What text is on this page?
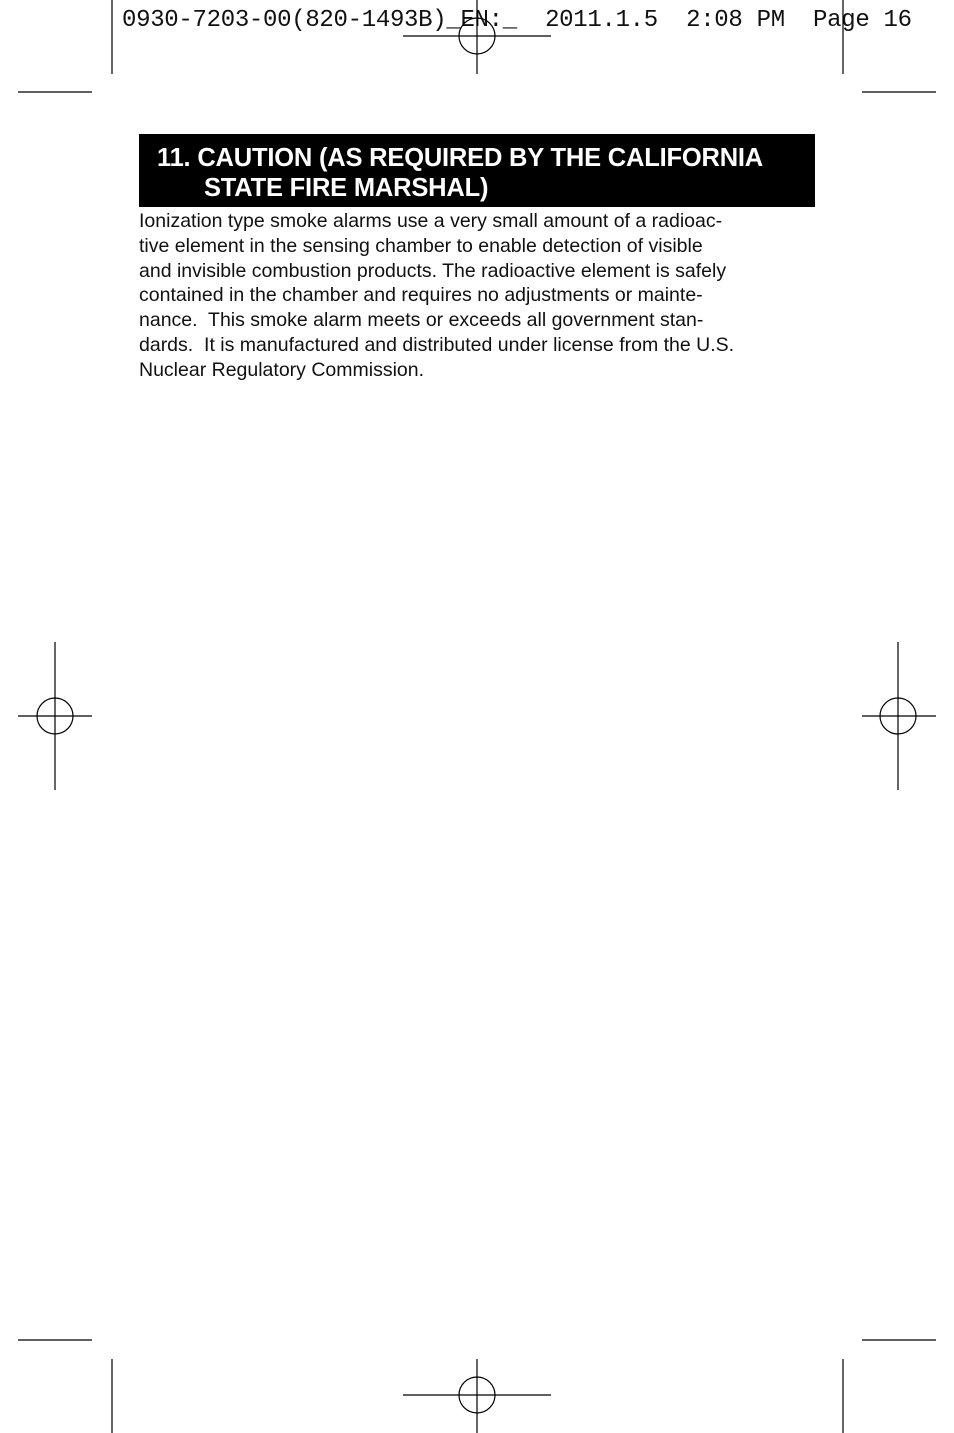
0930-7203-00(820-1493B)_EN:_  2011.1.5  2:08 PM  Page 16
11. CAUTION (AS REQUIRED BY THE CALIFORNIA
STATE FIRE MARSHAL)
Ionization type smoke alarms use a very small amount of a radioac-
tive element in the sensing chamber to enable detection of visible
and invisible combustion products. The radioactive element is safely
contained in the chamber and requires no adjustments or mainte-
nance.  This smoke alarm meets or exceeds all government stan-
dards.  It is manufactured and distributed under license from the U.S.
Nuclear Regulatory Commission.
